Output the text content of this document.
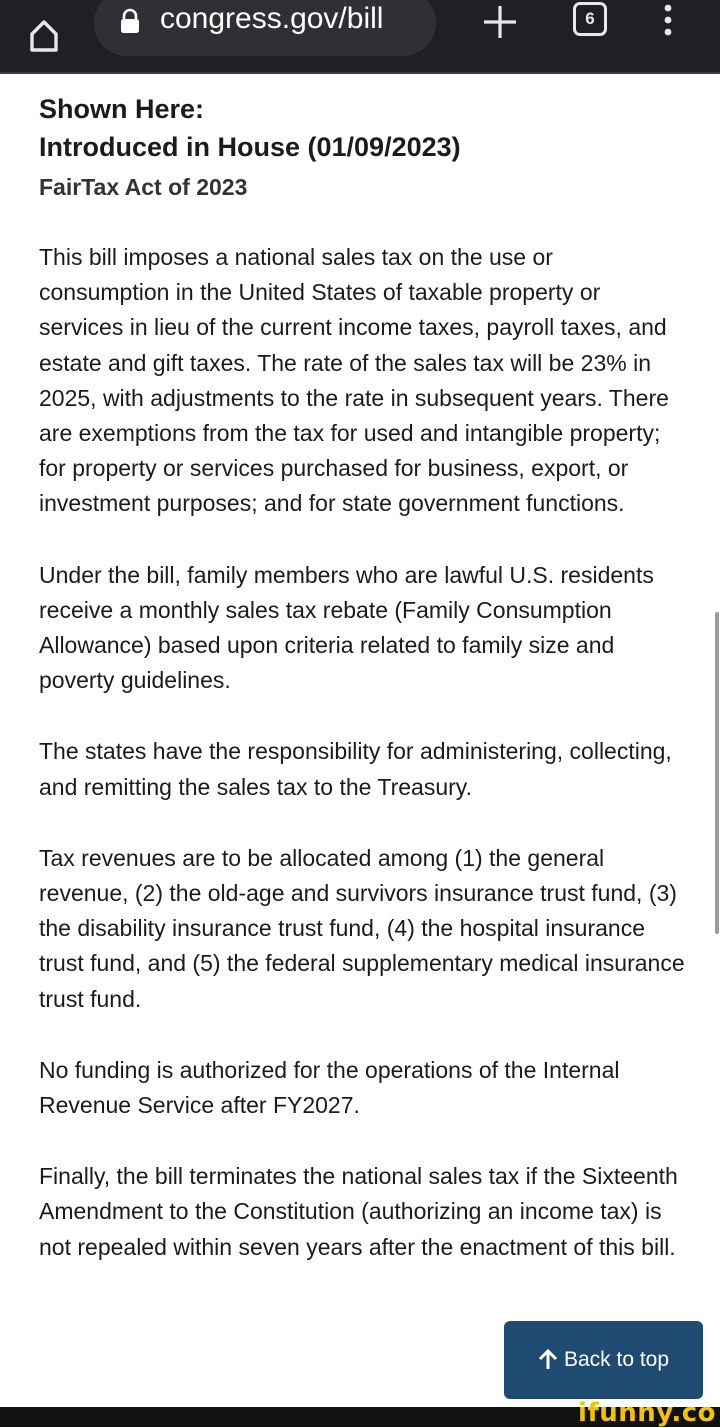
congress.gov/bill	6

Shown Here:

Introduced in House (01/09/2023)

FairTax Act of 2023

This bill imposes a national sales tax on the use or consumption in the United States of taxable property or services in lieu of the current income taxes, payroll taxes, and estate and gift taxes. The rate of the sales tax will be 23% in 2025, with adjustments to the rate in subsequent years. There are exemptions from the tax for used and intangible property; for property or services purchased for business, export, or investment purposes; and for state government functions.

Under the bill, family members who are lawful U.S. residents receive a monthly sales tax rebate (Family Consumption Allowance) based upon criteria related to family size and poverty guidelines.

The states have the responsibility for administering, collecting, and remitting the sales tax to the Treasury.

Tax revenues are to be allocated among (1) the general revenue, (2) the old-age and survivors insurance trust fund, (3) the disability insurance trust fund, (4) the hospital insurance trust fund, and (5) the federal supplementary medical insurance trust fund.

No funding is authorized for the operations of the Internal Revenue Service after FY2027.

Finally, the bill terminates the national sales tax if the Sixteenth Amendment to the Constitution (authorizing an income tax) is not repealed within seven years after the enactment of this bill.

Back to top
ifunny.co
